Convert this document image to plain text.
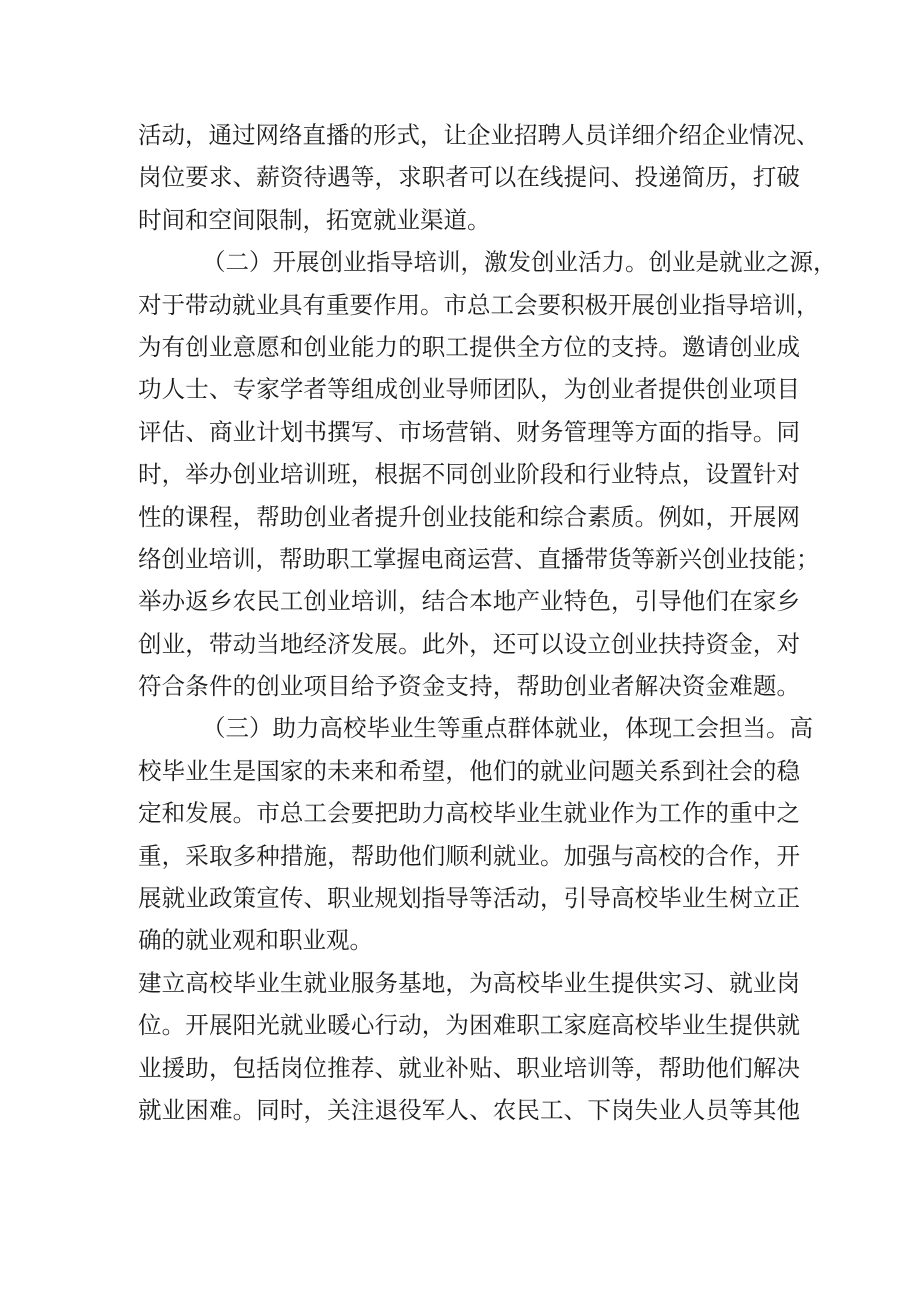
活动，通过网络直播的形式，让企业招聘人员详细介绍企业情况、
岗位要求、薪资待遇等，求职者可以在线提问、投递简历，打破
时间和空间限制，拓宽就业渠道。
（二）开展创业指导培训，激发创业活力。创业是就业之源，
对于带动就业具有重要作用。市总工会要积极开展创业指导培训，
为有创业意愿和创业能力的职工提供全方位的支持。邀请创业成
功人士、专家学者等组成创业导师团队，为创业者提供创业项目
评估、商业计划书撰写、市场营销、财务管理等方面的指导。同
时，举办创业培训班，根据不同创业阶段和行业特点，设置针对
性的课程，帮助创业者提升创业技能和综合素质。例如，开展网
络创业培训，帮助职工掌握电商运营、直播带货等新兴创业技能；
举办返乡农民工创业培训，结合本地产业特色，引导他们在家乡
创业，带动当地经济发展。此外，还可以设立创业扶持资金，对
符合条件的创业项目给予资金支持，帮助创业者解决资金难题。
（三）助力高校毕业生等重点群体就业，体现工会担当。高
校毕业生是国家的未来和希望，他们的就业问题关系到社会的稳
定和发展。市总工会要把助力高校毕业生就业作为工作的重中之
重，采取多种措施，帮助他们顺利就业。加强与高校的合作，开
展就业政策宣传、职业规划指导等活动，引导高校毕业生树立正
确的就业观和职业观。
建立高校毕业生就业服务基地，为高校毕业生提供实习、就业岗
位。开展阳光就业暖心行动，为困难职工家庭高校毕业生提供就
业援助，包括岗位推荐、就业补贴、职业培训等，帮助他们解决
就业困难。同时，关注退役军人、农民工、下岗失业人员等其他
